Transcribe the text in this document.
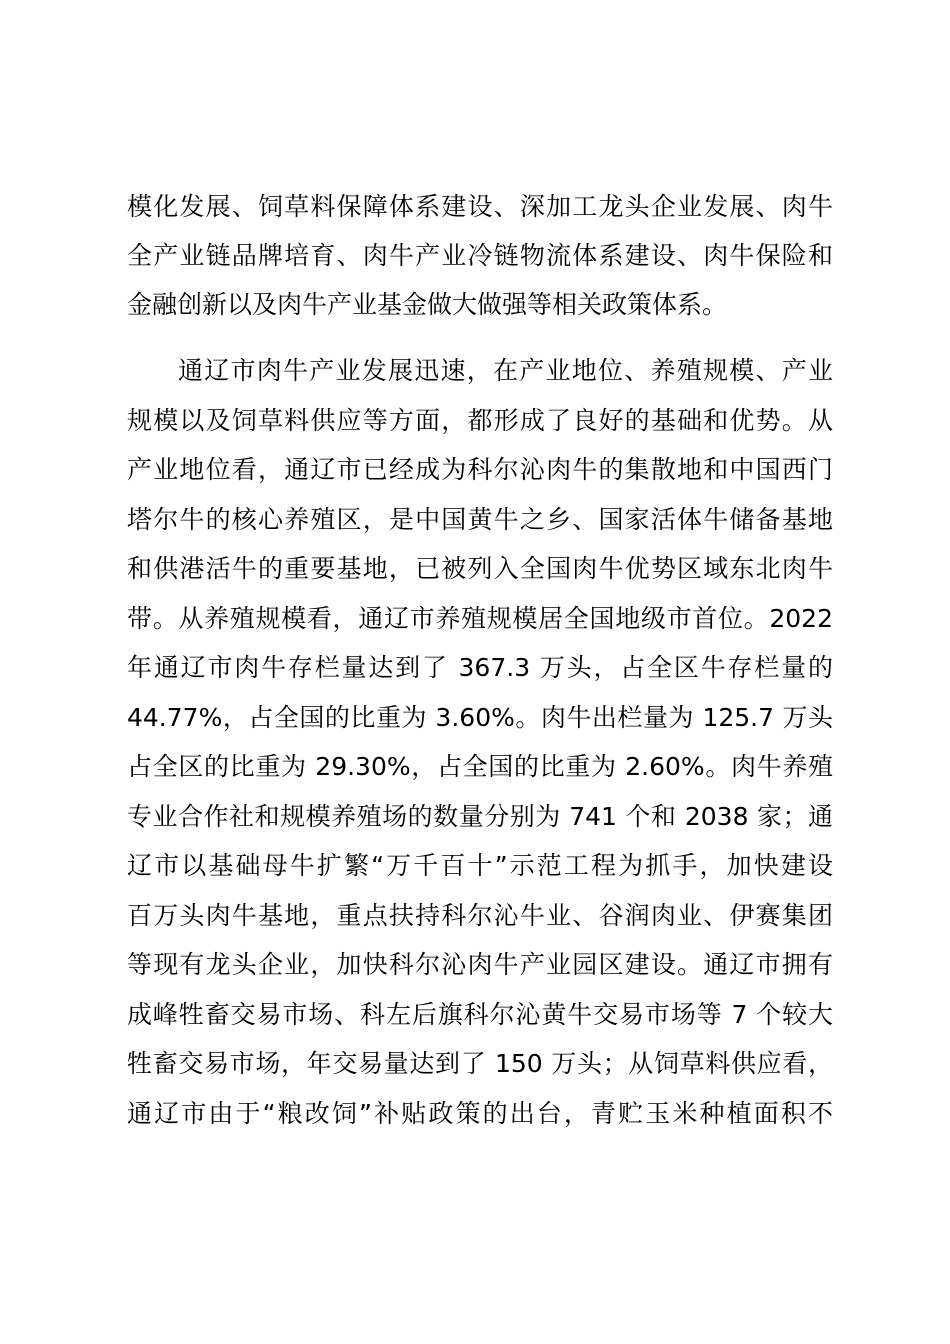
模化发展、饲草料保障体系建设、深加工龙头企业发展、肉牛
全产业链品牌培育、肉牛产业冷链物流体系建设、肉牛保险和
金融创新以及肉牛产业基金做大做强等相关政策体系。
通辽市肉牛产业发展迅速，在产业地位、养殖规模、产业
规模以及饲草料供应等方面，都形成了良好的基础和优势。从
产业地位看，通辽市已经成为科尔沁肉牛的集散地和中国西门
塔尔牛的核心养殖区，是中国黄牛之乡、国家活体牛储备基地
和供港活牛的重要基地，已被列入全国肉牛优势区域东北肉牛
带。从养殖规模看，通辽市养殖规模居全国地级市首位。2022
年通辽市肉牛存栏量达到了 367.3 万头，占全区牛存栏量的
44.77%，占全国的比重为 3.60%。肉牛出栏量为 125.7 万头
占全区的比重为 29.30%，占全国的比重为 2.60%。肉牛养殖
专业合作社和规模养殖场的数量分别为 741 个和 2038 家；通
辽市以基础母牛扩繁“万千百十”示范工程为抓手，加快建设
百万头肉牛基地，重点扶持科尔沁牛业、谷润肉业、伊赛集团
等现有龙头企业，加快科尔沁肉牛产业园区建设。通辽市拥有
成峰牲畜交易市场、科左后旗科尔沁黄牛交易市场等 7 个较大
牲畜交易市场，年交易量达到了 150 万头；从饲草料供应看，
通辽市由于“粮改饲”补贴政策的出台，青贮玉米种植面积不
